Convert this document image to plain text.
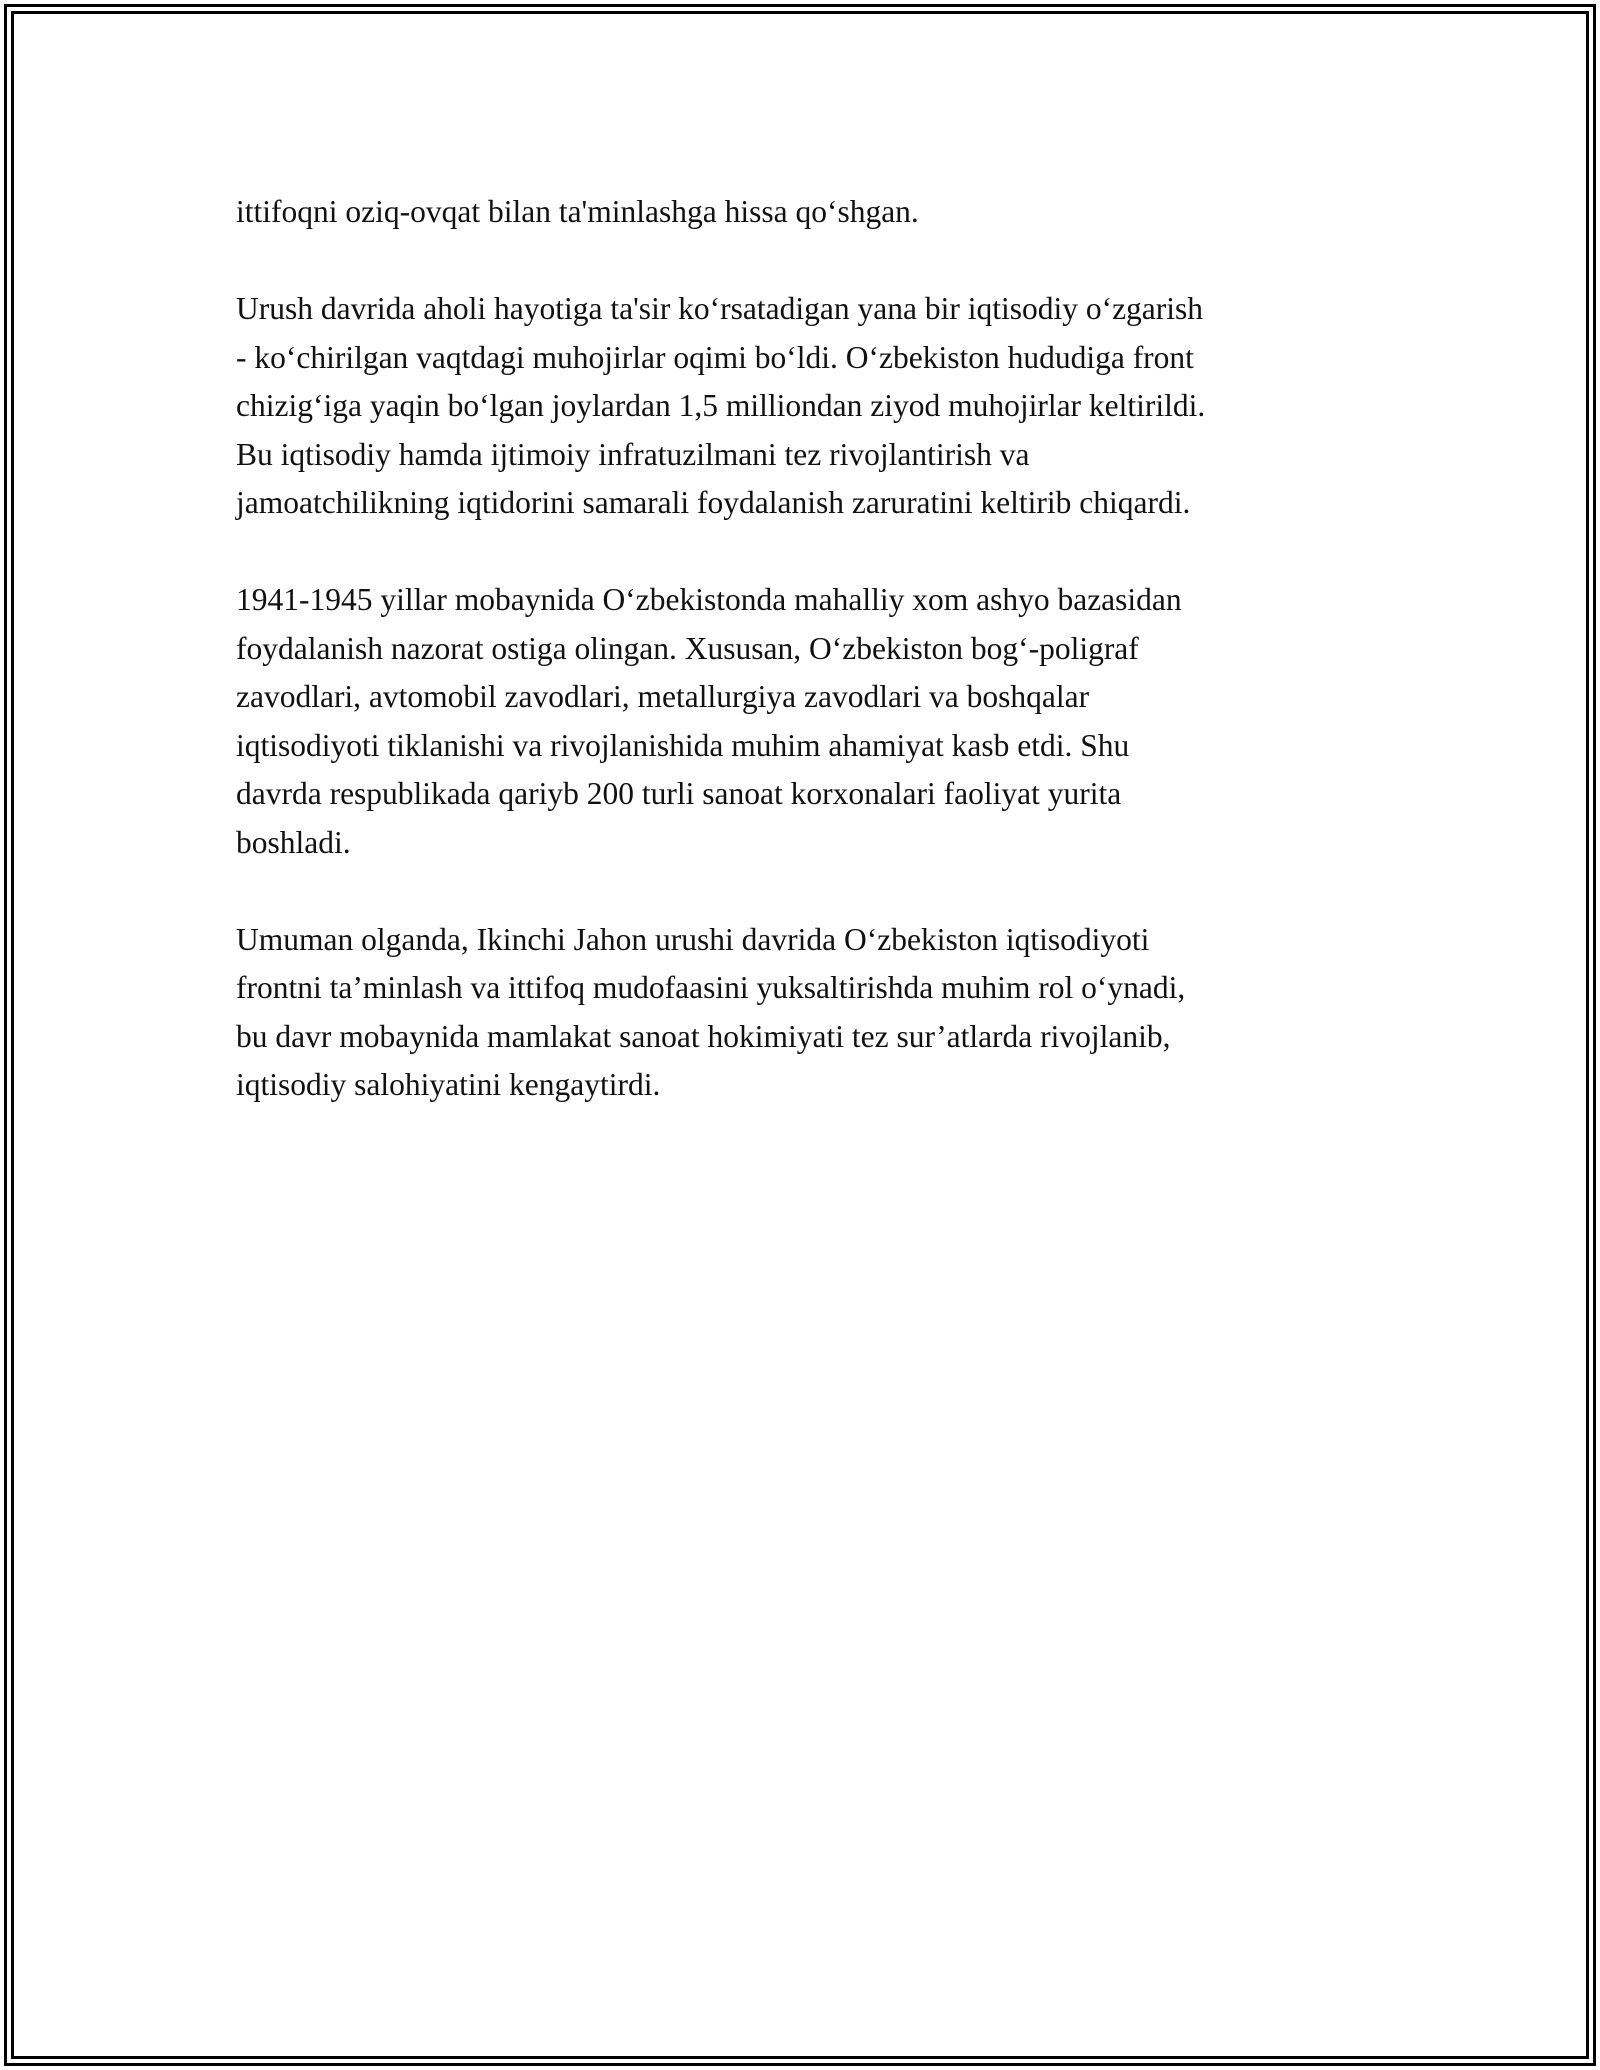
ittifoqni oziq-ovqat bilan ta'minlashga hissa qo‘shgan.

Urush davrida aholi hayotiga ta'sir ko‘rsatadigan yana bir iqtisodiy o‘zgarish
- ko‘chirilgan vaqtdagi muhojirlar oqimi bo‘ldi. O‘zbekiston hududiga front
chizig‘iga yaqin bo‘lgan joylardan 1,5 milliondan ziyod muhojirlar keltirildi.
Bu iqtisodiy hamda ijtimoiy infratuzilmani tez rivojlantirish va
jamoatchilikning iqtidorini samarali foydalanish zaruratini keltirib chiqardi.

1941-1945 yillar mobaynida O‘zbekistonda mahalliy xom ashyo bazasidan
foydalanish nazorat ostiga olingan. Xususan, O‘zbekiston bog‘-poligraf
zavodlari, avtomobil zavodlari, metallurgiya zavodlari va boshqalar
iqtisodiyoti tiklanishi va rivojlanishida muhim ahamiyat kasb etdi. Shu
davrda respublikada qariyb 200 turli sanoat korxonalari faoliyat yurita
boshladi.

Umuman olganda, Ikinchi Jahon urushi davrida O‘zbekiston iqtisodiyoti
frontni ta’minlash va ittifoq mudofaasini yuksaltirishda muhim rol o‘ynadi,
bu davr mobaynida mamlakat sanoat hokimiyati tez sur’atlarda rivojlanib,
iqtisodiy salohiyatini kengaytirdi.
